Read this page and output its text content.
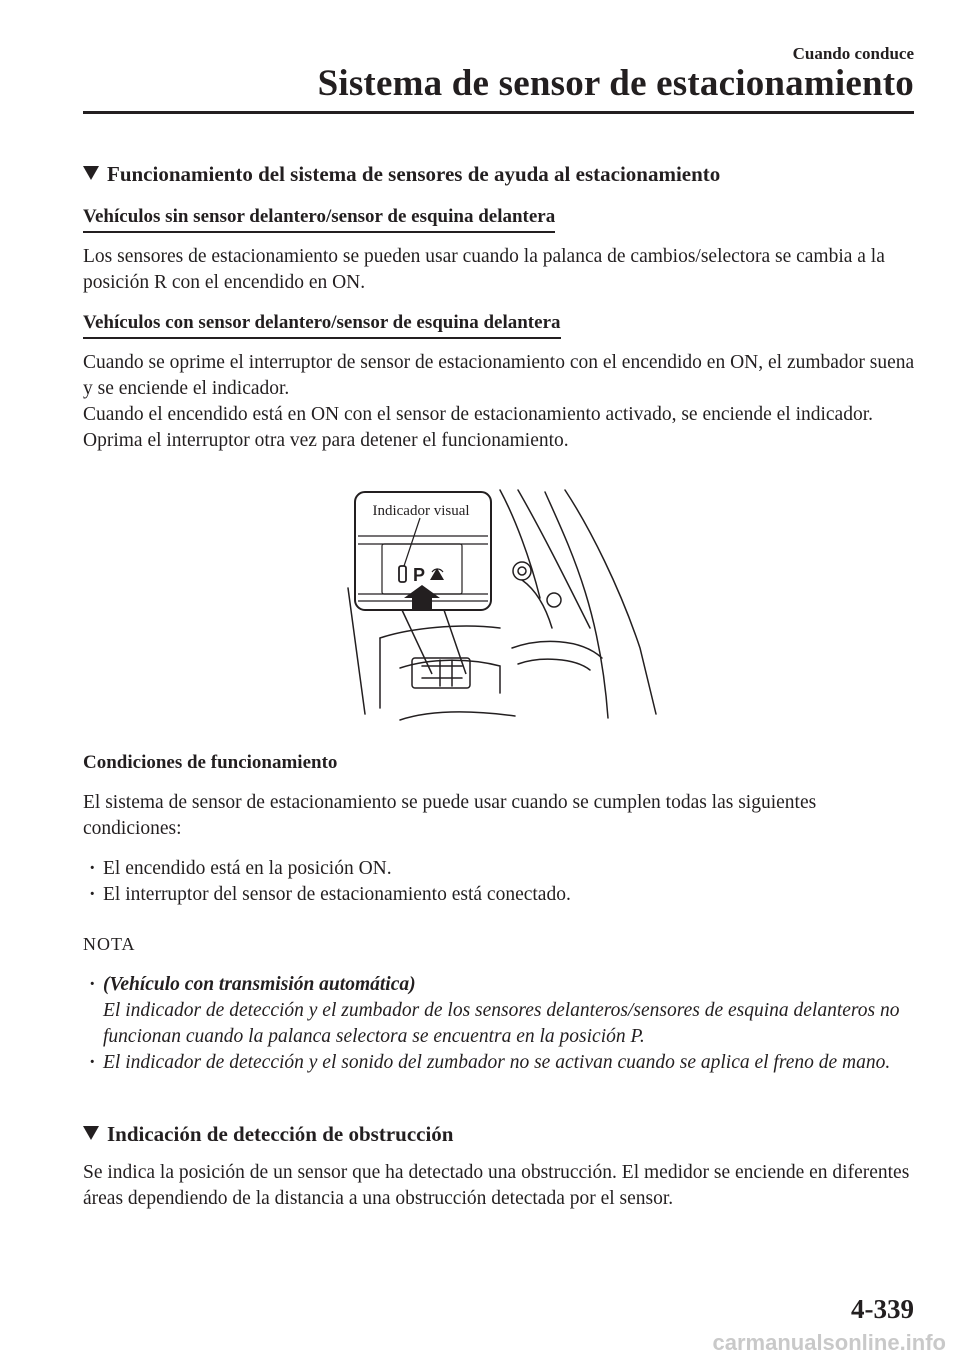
Cuando conduce
Sistema de sensor de estacionamiento
Funcionamiento del sistema de sensores de ayuda al estacionamiento
Vehículos sin sensor delantero/sensor de esquina delantera

Los sensores de estacionamiento se pueden usar cuando la palanca de cambios/selectora se cambia a la posición R con el encendido en ON.

Vehículos con sensor delantero/sensor de esquina delantera

Cuando se oprime el interruptor de sensor de estacionamiento con el encendido en ON, el zumbador suena y se enciende el indicador.

Cuando el encendido está en ON con el sensor de estacionamiento activado, se enciende el indicador.

Oprima el interruptor otra vez para detener el funcionamiento.

Indicador visual
P
Condiciones de funcionamiento

El sistema de sensor de estacionamiento se puede usar cuando se cumplen todas las siguientes condiciones:

· El encendido está en la posición ON.
· El interruptor del sensor de estacionamiento está conectado.
NOTA
· (Vehículo con transmisión automática)
El indicador de detección y el zumbador de los sensores delanteros/sensores de esquina delanteros no funcionan cuando la palanca selectora se encuentra en la posición P.
· El indicador de detección y el sonido del zumbador no se activan cuando se aplica el freno de mano.
Indicación de detección de obstrucción

Se indica la posición de un sensor que ha detectado una obstrucción. El medidor se enciende en diferentes áreas dependiendo de la distancia a una obstrucción detectada por el sensor.

4-339
carmanualsonline.info
